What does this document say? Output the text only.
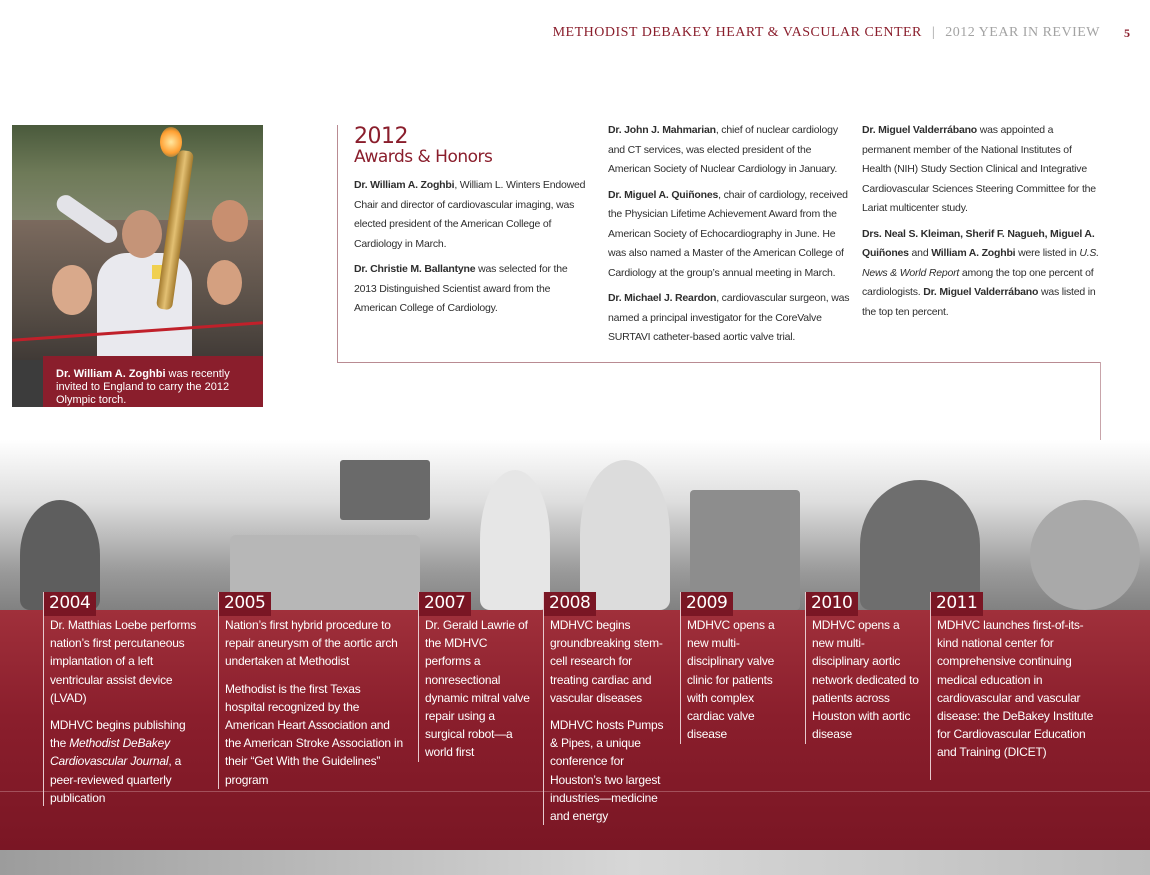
METHODIST DEBAKEY HEART & VASCULAR CENTER | 2012 YEAR IN REVIEW 5
Dr. William A. Zoghbi was recently invited to England to carry the 2012 Olympic torch.
2012
Awards & Honors

Dr. William A. Zoghbi, William L. Winters Endowed Chair and director of cardiovascular imaging, was elected president of the American College of Cardiology in March.

Dr. Christie M. Ballantyne was selected for the 2013 Distinguished Scientist award from the American College of Cardiology.

Dr. John J. Mahmarian, chief of nuclear cardiology and CT services, was elected president of the American Society of Nuclear Cardiology in January.

Dr. Miguel A. Quiñones, chair of cardiology, received the Physician Lifetime Achievement Award from the American Society of Echocardiography in June. He was also named a Master of the American College of Cardiology at the group’s annual meeting in March.

Dr. Michael J. Reardon, cardiovascular surgeon, was named a principal investigator for the CoreValve SURTAVI catheter-based aortic valve trial.

Dr. Miguel Valderrábano was appointed a permanent member of the National Institutes of Health (NIH) Study Section Clinical and Integrative Cardiovascular Sciences Steering Committee for the Lariat multicenter study.

Drs. Neal S. Kleiman, Sherif F. Nagueh, Miguel A. Quiñones and William A. Zoghbi were listed in U.S. News & World Report among the top one percent of cardiologists. Dr. Miguel Valderrábano was listed in the top ten percent.

2004

Dr. Matthias Loebe performs nation’s first percutaneous implantation of a left ventricular assist device (LVAD)

MDHVC begins publishing the Methodist DeBakey Cardiovascular Journal, a peer-reviewed quarterly publication

2005

Nation’s first hybrid procedure to repair aneurysm of the aortic arch undertaken at Methodist

Methodist is the first Texas hospital recognized by the American Heart Association and the American Stroke Association in their “Get With the Guidelines” program

2007

Dr. Gerald Lawrie of the MDHVC performs a nonresectional dynamic mitral valve repair using a surgical robot—a world first

2008

MDHVC begins groundbreaking stem-cell research for treating cardiac and vascular diseases

MDHVC hosts Pumps & Pipes, a unique conference for Houston’s two largest industries—medicine and energy

2009

MDHVC opens a new multi-disciplinary valve clinic for patients with complex cardiac valve disease

2010

MDHVC opens a new multi-disciplinary aortic network dedicated to patients across Houston with aortic disease

2011

MDHVC launches first-of-its-kind national center for comprehensive continuing medical education in cardiovascular and vascular disease: the DeBakey Institute for Cardiovascular Education and Training (DICET)
